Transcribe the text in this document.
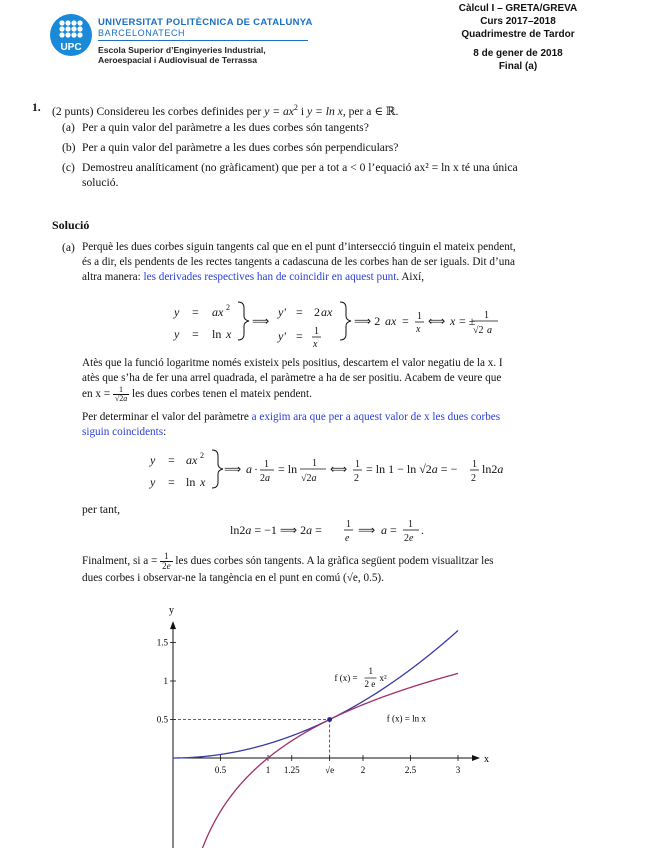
UPC
UNIVERSITAT POLITÈCNICA DE CATALUNYA
BARCELONATECH
Escola Superior d’Enginyeries Industrial,
Aeroespacial i Audiovisual de Terrassa
Càlcul I – GRETA/GREVA
Curs 2017–2018
Quadrimestre de Tardor
8 de gener de 2018
Final (a)
1. (2 punts) Considereu les corbes definides per $y = ax^2$ i y = ln x, per a ∈ ℝ.
(a) Per a quin valor del paràmetre a les dues corbes són tangents?
(b) Per a quin valor del paràmetre a les dues corbes són perpendiculars?
(c) Demostreu analíticament (no gràficament) que per a tot a < 0 l’equació ax² = ln x té una única
solució.
Solució
(a) Perquè les dues corbes siguin tangents cal que en el punt d’intersecció tinguin el mateix pendent,
és a dir, els pendents de les rectes tangents a cadascuna de les corbes han de ser iguals. Dit d’una
altra manera: les derivades respectives han de coincidir en aquest punt. Així,
y = ax 2
y = ln x
⟹
y′ = 2 ax
y′ = 1
x
⟹ 2 ax = 1
x
⟺ x = ± 1
√2 a
Atès que la funció logaritme només existeix pels positius, descartem el valor negatiu de la x. I
atès que s’ha de fer una arrel quadrada, el paràmetre a ha de ser positiu. Acabem de veure que
en $x = \frac{1}{√2a}$ les dues corbes tenen el mateix pendent.
Per determinar el valor del paràmetre a exigim ara que per a aquest valor de x les dues corbes
siguin coincidents:
y = ax 2
y = ln x
⟹ a · 1
2a
= ln 1
√2a
⟺ 1
2
= ln 1 − ln √2a = − 1
2
ln2a
per tant,
ln2a = −1 ⟹ 2a = 1
e
⟹ a = 1
2e
.
Finalment, si $a = \frac{1}{2e}$ les dues corbes són tangents. A la gràfica següent podem visualitzar les
dues corbes i observar-ne la tangència en el punt en comú (√e, 0.5).
0.5	1 1.25	√e	2	2.5	3
0.5
1
1.5
y
x
f (x) =
1
2 e
x²
f (x) = ln x
